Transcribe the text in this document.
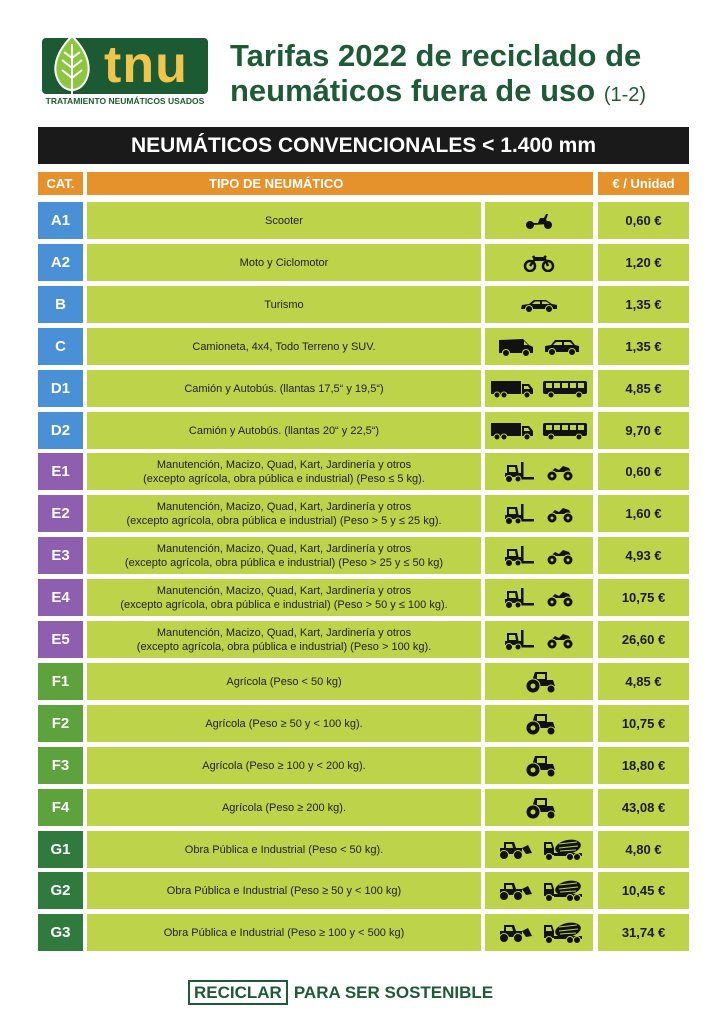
tnu
TRATAMIENTO NEUMÁTICOS USADOS
Tarifas 2022 de reciclado de
neumáticos fuera de uso (1-2)
NEUMÁTICOS CONVENCIONALES < 1.400 mm
CAT.	TIPO DE NEUMÁTICO	€ / Unidad
A1	Scooter	0,60 €
A2	Moto y Ciclomotor	1,20 €
B	Turismo	1,35 €
C	Camioneta, 4x4, Todo Terreno y SUV.	1,35 €
D1	Camión y Autobús. (llantas 17,5“ y 19,5“)	4,85 €
D2	Camión y Autobús. (llantas 20“ y 22,5“)	9,70 €
E1	Manutención, Macizo, Quad, Kart, Jardinería y otros
(excepto agrícola, obra pública e industrial) (Peso ≤ 5 kg).	0,60 €
E2	Manutención, Macizo, Quad, Kart, Jardinería y otros
(excepto agrícola, obra pública e industrial) (Peso > 5 y ≤ 25 kg).	1,60 €
E3	Manutención, Macizo, Quad, Kart, Jardinería y otros
(excepto agrícola, obra pública e industrial) (Peso > 25 y ≤ 50 kg)	4,93 €
E4	Manutención, Macizo, Quad, Kart, Jardinería y otros
(excepto agrícola, obra pública e industrial) (Peso > 50 y ≤ 100 kg).	10,75 €
E5	Manutención, Macizo, Quad, Kart, Jardinería y otros
(excepto agrícola, obra pública e industrial) (Peso > 100 kg).	26,60 €
F1	Agrícola (Peso < 50 kg)	4,85 €
F2	Agrícola (Peso ≥ 50 y < 100 kg).	10,75 €
F3	Agrícola (Peso ≥ 100 y < 200 kg).	18,80 €
F4	Agrícola (Peso ≥ 200 kg).	43,08 €
G1	Obra Pública e Industrial (Peso < 50 kg).	4,80 €
G2	Obra Pública e Industrial (Peso ≥ 50 y < 100 kg)	10,45 €
G3	Obra Pública e Industrial (Peso ≥ 100 y < 500 kg)	31,74 €
RECICLAR PARA SER SOSTENIBLE
